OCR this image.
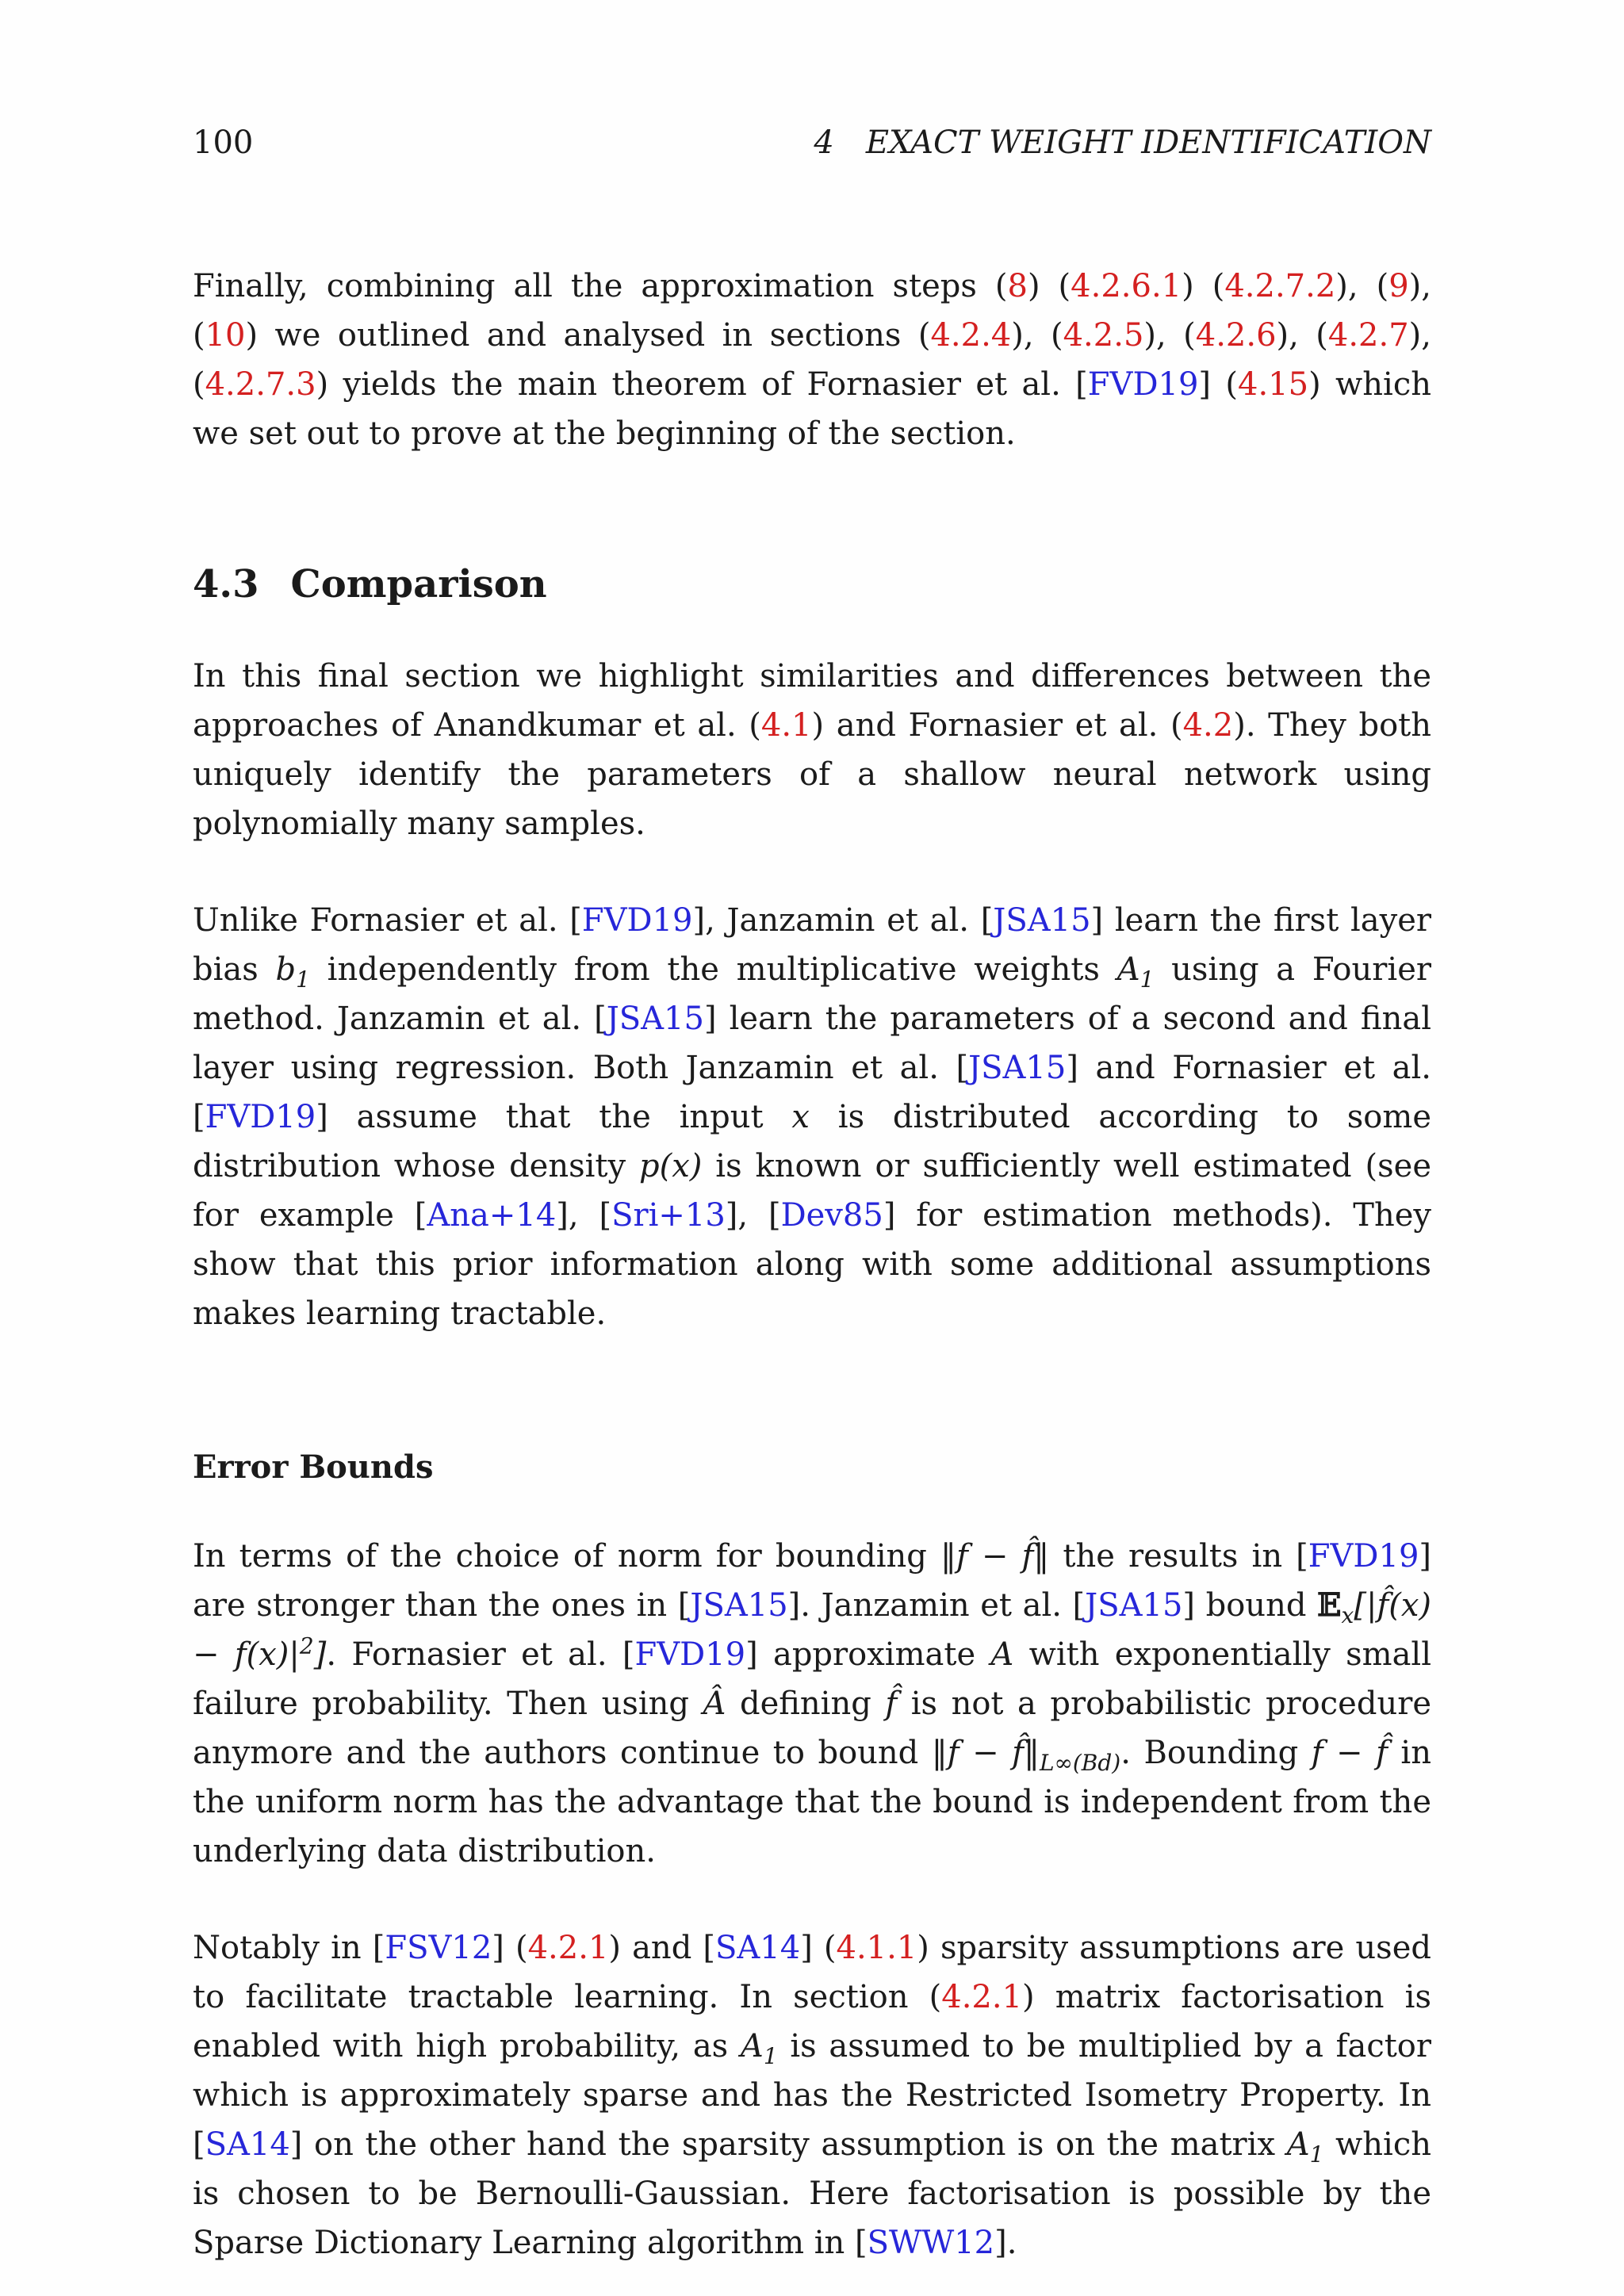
100	4 EXACT WEIGHT IDENTIFICATION

Finally, combining all the approximation steps (8) (4.2.6.1) (4.2.7.2), (9), (10) we outlined and analysed in sections (4.2.4), (4.2.5), (4.2.6), (4.2.7), (4.2.7.3) yields the main theorem of Fornasier et al. [FVD19] (4.15) which we set out to prove at the beginning of the section.

4.3 Comparison

In this final section we highlight similarities and differences between the approaches of Anandkumar et al. (4.1) and Fornasier et al. (4.2). They both uniquely identify the parameters of a shallow neural network using polynomially many samples.

Unlike Fornasier et al. [FVD19], Janzamin et al. [JSA15] learn the first layer bias $b_1$ independently from the multiplicative weights $A_1$ using a Fourier method. Janzamin et al. [JSA15] learn the parameters of a second and final layer using regression. Both Janzamin et al. [JSA15] and Fornasier et al. [FVD19] assume that the input x is distributed according to some distribution whose density p(x) is known or sufficiently well estimated (see for example [Ana+14], [Sri+13], [Dev85] for estimation methods). They show that this prior information along with some additional assumptions makes learning tractable.

Error Bounds

In terms of the choice of norm for bounding ‖f − f̂‖ the results in [FVD19] are stronger than the ones in [JSA15]. Janzamin et al. [JSA15] bound 𝔼$_x$[|f̂(x) − $f(x)|^2$]. Fornasier et al. [FVD19] approximate A with exponentially small failure probability. Then using Â defining f̂ is not a probabilistic procedure anymore and the authors continue to bound ‖f − $f̂‖_{L\infty(Bd)}$. Bounding f − f̂ in the uniform norm has the advantage that the bound is independent from the underlying data distribution.

Notably in [FSV12] (4.2.1) and [SA14] (4.1.1) sparsity assumptions are used to facilitate tractable learning. In section (4.2.1) matrix factorisation is enabled with high probability, as $A_1$ is assumed to be multiplied by a factor which is approximately sparse and has the Restricted Isometry Property. In [SA14] on the other hand the sparsity assumption is on the matrix $A_1$ which is chosen to be Bernoulli-Gaussian. Here factorisation is possible by the Sparse Dictionary Learning algorithm in [SWW12].
